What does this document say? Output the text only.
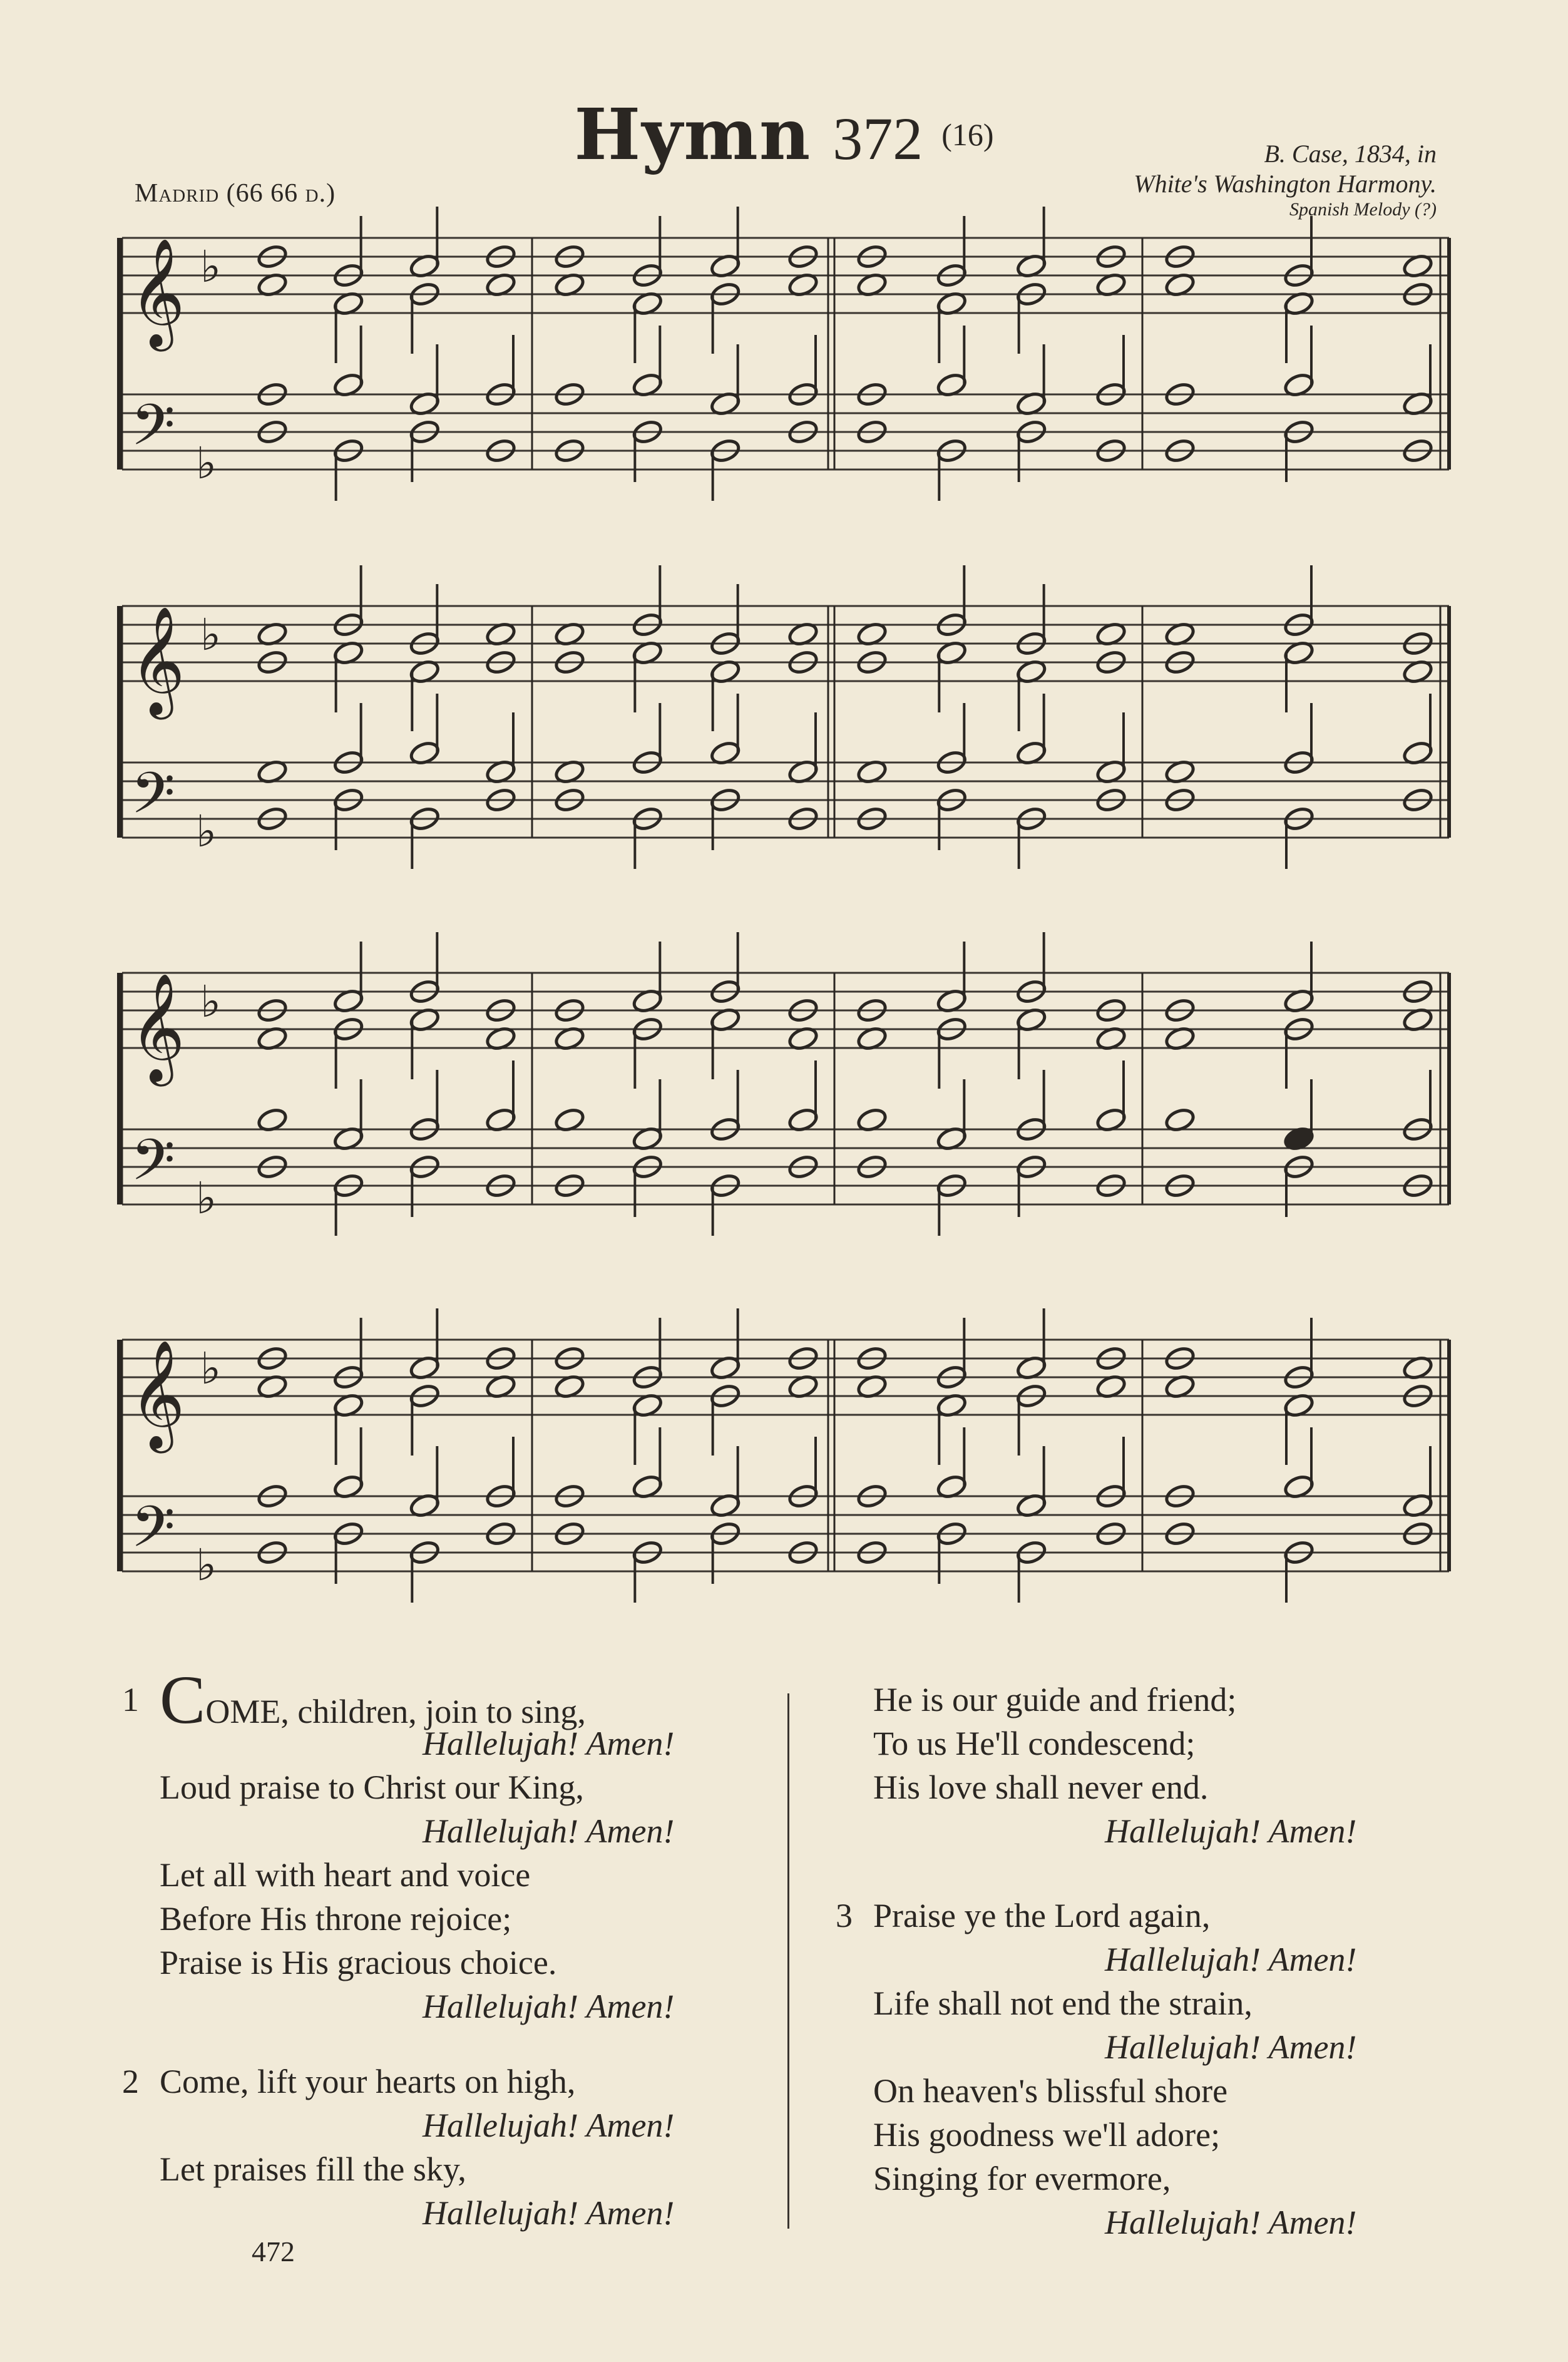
Hymn 372 (16)
Madrid (66 66 d.)
B. Case, 1834, in
White's Washington Harmony.
Spanish Melody (?)
𝄞
𝄢
♭
♭
𝄞
𝄢
♭
♭
𝄞
𝄢
♭
♭
𝄞
𝄢
♭
♭
COME, children, join to sing,
1
Hallelujah! Amen!
Loud praise to Christ our King,
Hallelujah! Amen!
Let all with heart and voice
Before His throne rejoice;
Praise is His gracious choice.
Hallelujah! Amen!
Come, lift your hearts on high,
2
Hallelujah! Amen!
Let praises fill the sky,
Hallelujah! Amen!
He is our guide and friend;
To us He'll condescend;
His love shall never end.
Hallelujah! Amen!
Praise ye the Lord again,
3
Hallelujah! Amen!
Life shall not end the strain,
Hallelujah! Amen!
On heaven's blissful shore
His goodness we'll adore;
Singing for evermore,
Hallelujah! Amen!
472
